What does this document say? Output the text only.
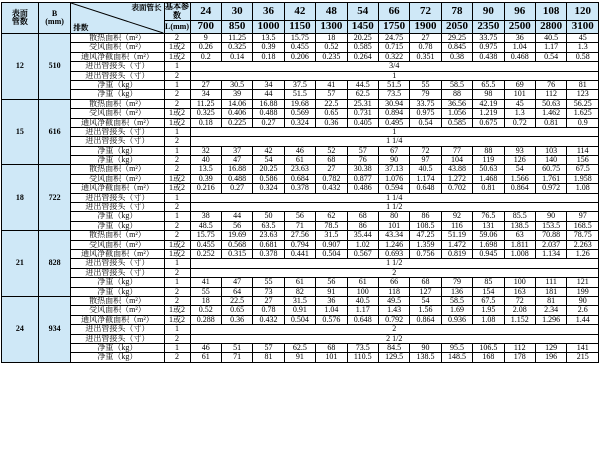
表面
管数

B
(mm)

表面管长
排数
	基本参数	24	30	36	42	48	54	66	72	78	90	96	108	120
			L(mm)	700	850	1000	1150	1300	1450	1750	1900	2050	2350	2500	2800	3100
12	510	散热面积（m²）	2	9	11.25	13.5	15.75	18	20.25	24.75	27	29.25	33.75	36	40.5	45
		受风面积（m²）	1或2	0.26	0.325	0.39	0.455	0.52	0.585	0.715	0.78	0.845	0.975	1.04	1.17	1.3
		通风净截面积（m²）	1或2	0.2	0.14	0.18	0.206	0.235	0.264	0.322	0.351	0.38	0.438	0.468	0.54	0.58
		进出管接头（寸）	1	3/4												
		进出管接头（寸）	2	1												
		净重（kg）	1	27	30.5	34	37.5	41	44.5	51.5	55	58.5	65.5	69	76	81
		净重（kg）	2	34	39	44	51.5	57	62.5	73.5	79	88	98	101	112	123
15	616	散热面积（m²）	2	11.25	14.06	16.88	19.68	22.5	25.31	30.94	33.75	36.56	42.19	45	50.63	56.25
		受风面积（m²）	1或2	0.325	0.406	0.488	0.569	0.65	0.731	0.894	0.975	1.056	1.219	1.3	1.462	1.625
		通风净截面积（m²）	1或2	0.18	0.225	0.27	0.324	0.36	0.405	0.495	0.54	0.585	0.675	0.72	0.81	0.9
		进出管接头（寸）	1	1												
		进出管接头（寸）	2	1 1/4												
		净重（kg）	1	32	37	42	46	52	57	67	72	77	88	93	103	114
		净重（kg）	2	40	47	54	61	68	76	90	97	104	119	126	140	156
18	722	散热面积（m²）	2	13.5	16.88	20.25	23.63	27	30.38	37.13	40.5	43.88	50.63	54	60.75	67.5
		受风面积（m²）	1或2	0.39	0.488	0.586	0.684	0.782	0.877	1.076	1.174	1.272	1.468	1.566	1.761	1.958
		通风净截面积（m²）	1或2	0.216	0.27	0.324	0.378	0.432	0.486	0.594	0.648	0.702	0.81	0.864	0.972	1.08
		进出管接头（寸）	1	1 1/4												
		进出管接头（寸）	2	1 1/2												
		净重（kg）	1	38	44	50	56	62	68	80	86	92	76.5	85.5	90	97
		净重（kg）	2	48.5	56	63.5	71	78.5	86	101	108.5	116	131	138.5	153.5	168.5
21	828	散热面积（m²）	2	15.75	19.69	23.63	27.56	31.5	35.44	43.34	47.25	51.19	59.06	63	70.88	78.75
		受风面积（m²）	1或2	0.455	0.568	0.681	0.794	0.907	1.02	1.246	1.359	1.472	1.698	1.811	2.037	2.263
		通风净截面积（m²）	1或2	0.252	0.315	0.378	0.441	0.504	0.567	0.693	0.756	0.819	0.945	1.008	1.134	1.26
		进出管接头（寸）	1	1 1/2												
		进出管接头（寸）	2	2												
		净重（kg）	1	41	47	55	61	56	61	66	68	79	85	100	111	121
		净重（kg）	2	55	64	73	82	91	100	118	127	136	154	163	181	199
24	934	散热面积（m²）	2	18	22.5	27	31.5	36	40.5	49.5	54	58.5	67.5	72	81	90
		受风面积（m²）	1或2	0.52	0.65	0.78	0.91	1.04	1.17	1.43	1.56	1.69	1.95	2.08	2.34	2.6
		通风净截面积（m²）	1或2	0.288	0.36	0.432	0.504	0.576	0.648	0.792	0.864	0.936	1.08	1.152	1.296	1.44
		进出管接头（寸）	1	2												
		进出管接头（寸）	2	2 1/2												
		净重（kg）	1	46	51	57	62.5	68	73.5	84.5	90	95.5	106.5	112	129	141
		净重（kg）	2	61	71	81	91	101	110.5	129.5	138.5	148.5	168	178	196	215
